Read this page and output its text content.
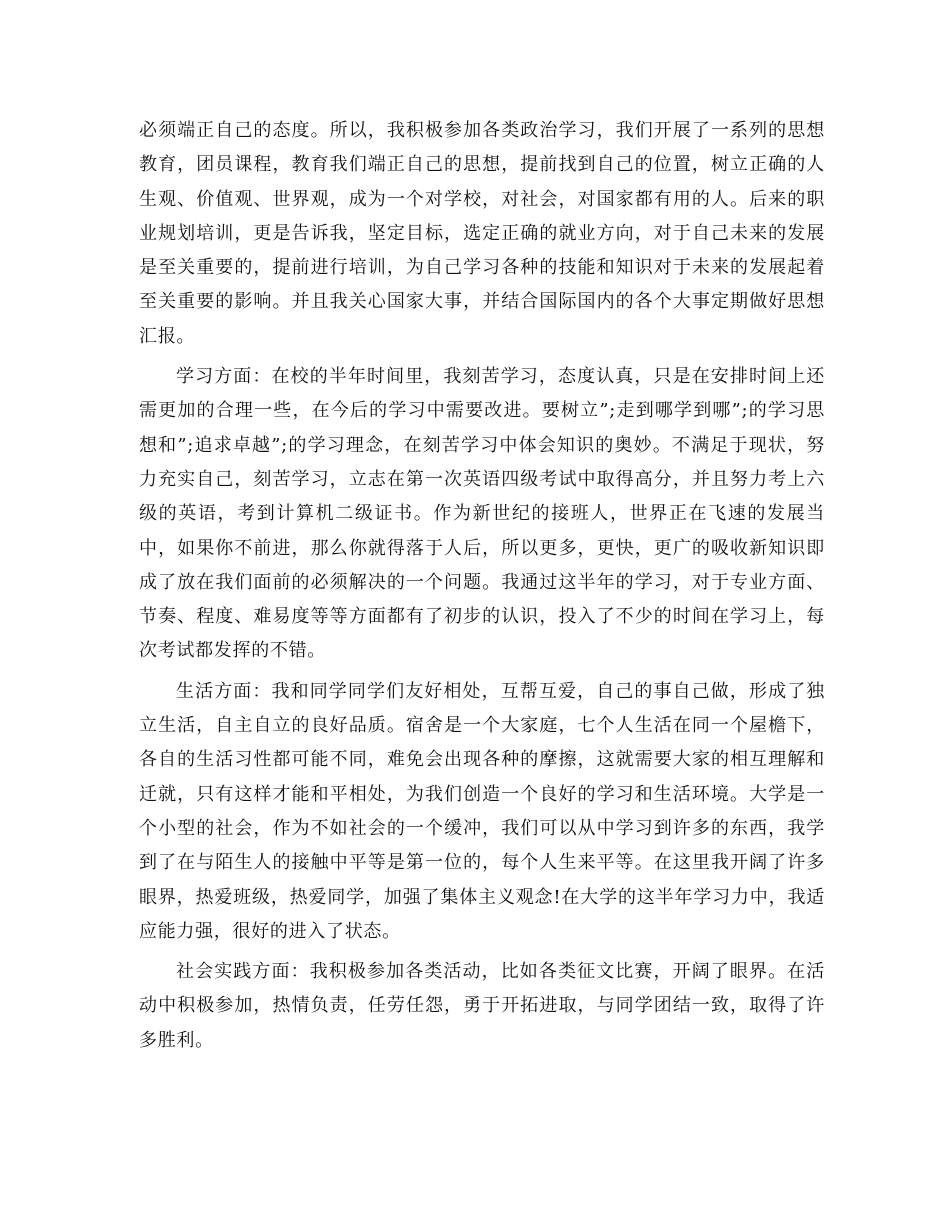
必须端正自己的态度。所以，我积极参加各类政治学习，我们开展了一系列的思想教育，团员课程，教育我们端正自己的思想，提前找到自己的位置，树立正确的人生观、价值观、世界观，成为一个对学校，对社会，对国家都有用的人。后来的职业规划培训，更是告诉我，坚定目标，选定正确的就业方向，对于自己未来的发展是至关重要的，提前进行培训，为自己学习各种的技能和知识对于未来的发展起着至关重要的影响。并且我关心国家大事，并结合国际国内的各个大事定期做好思想汇报。

学习方面：在校的半年时间里，我刻苦学习，态度认真，只是在安排时间上还需更加的合理一些，在今后的学习中需要改进。要树立”;走到哪学到哪”;的学习思想和”;追求卓越”;的学习理念，在刻苦学习中体会知识的奥妙。不满足于现状，努力充实自己，刻苦学习，立志在第一次英语四级考试中取得高分，并且努力考上六级的英语，考到计算机二级证书。作为新世纪的接班人，世界正在飞速的发展当中，如果你不前进，那么你就得落于人后，所以更多，更快，更广的吸收新知识即成了放在我们面前的必须解决的一个问题。我通过这半年的学习，对于专业方面、节奏、程度、难易度等等方面都有了初步的认识，投入了不少的时间在学习上，每次考试都发挥的不错。

生活方面：我和同学同学们友好相处，互帮互爱，自己的事自己做，形成了独立生活，自主自立的良好品质。宿舍是一个大家庭，七个人生活在同一个屋檐下，各自的生活习性都可能不同，难免会出现各种的摩擦，这就需要大家的相互理解和迁就，只有这样才能和平相处，为我们创造一个良好的学习和生活环境。大学是一个小型的社会，作为不如社会的一个缓冲，我们可以从中学习到许多的东西，我学到了在与陌生人的接触中平等是第一位的，每个人生来平等。在这里我开阔了许多眼界，热爱班级，热爱同学，加强了集体主义观念!在大学的这半年学习力中，我适应能力强，很好的进入了状态。

社会实践方面：我积极参加各类活动，比如各类征文比赛，开阔了眼界。在活动中积极参加，热情负责，任劳任怨，勇于开拓进取，与同学团结一致，取得了许多胜利。
